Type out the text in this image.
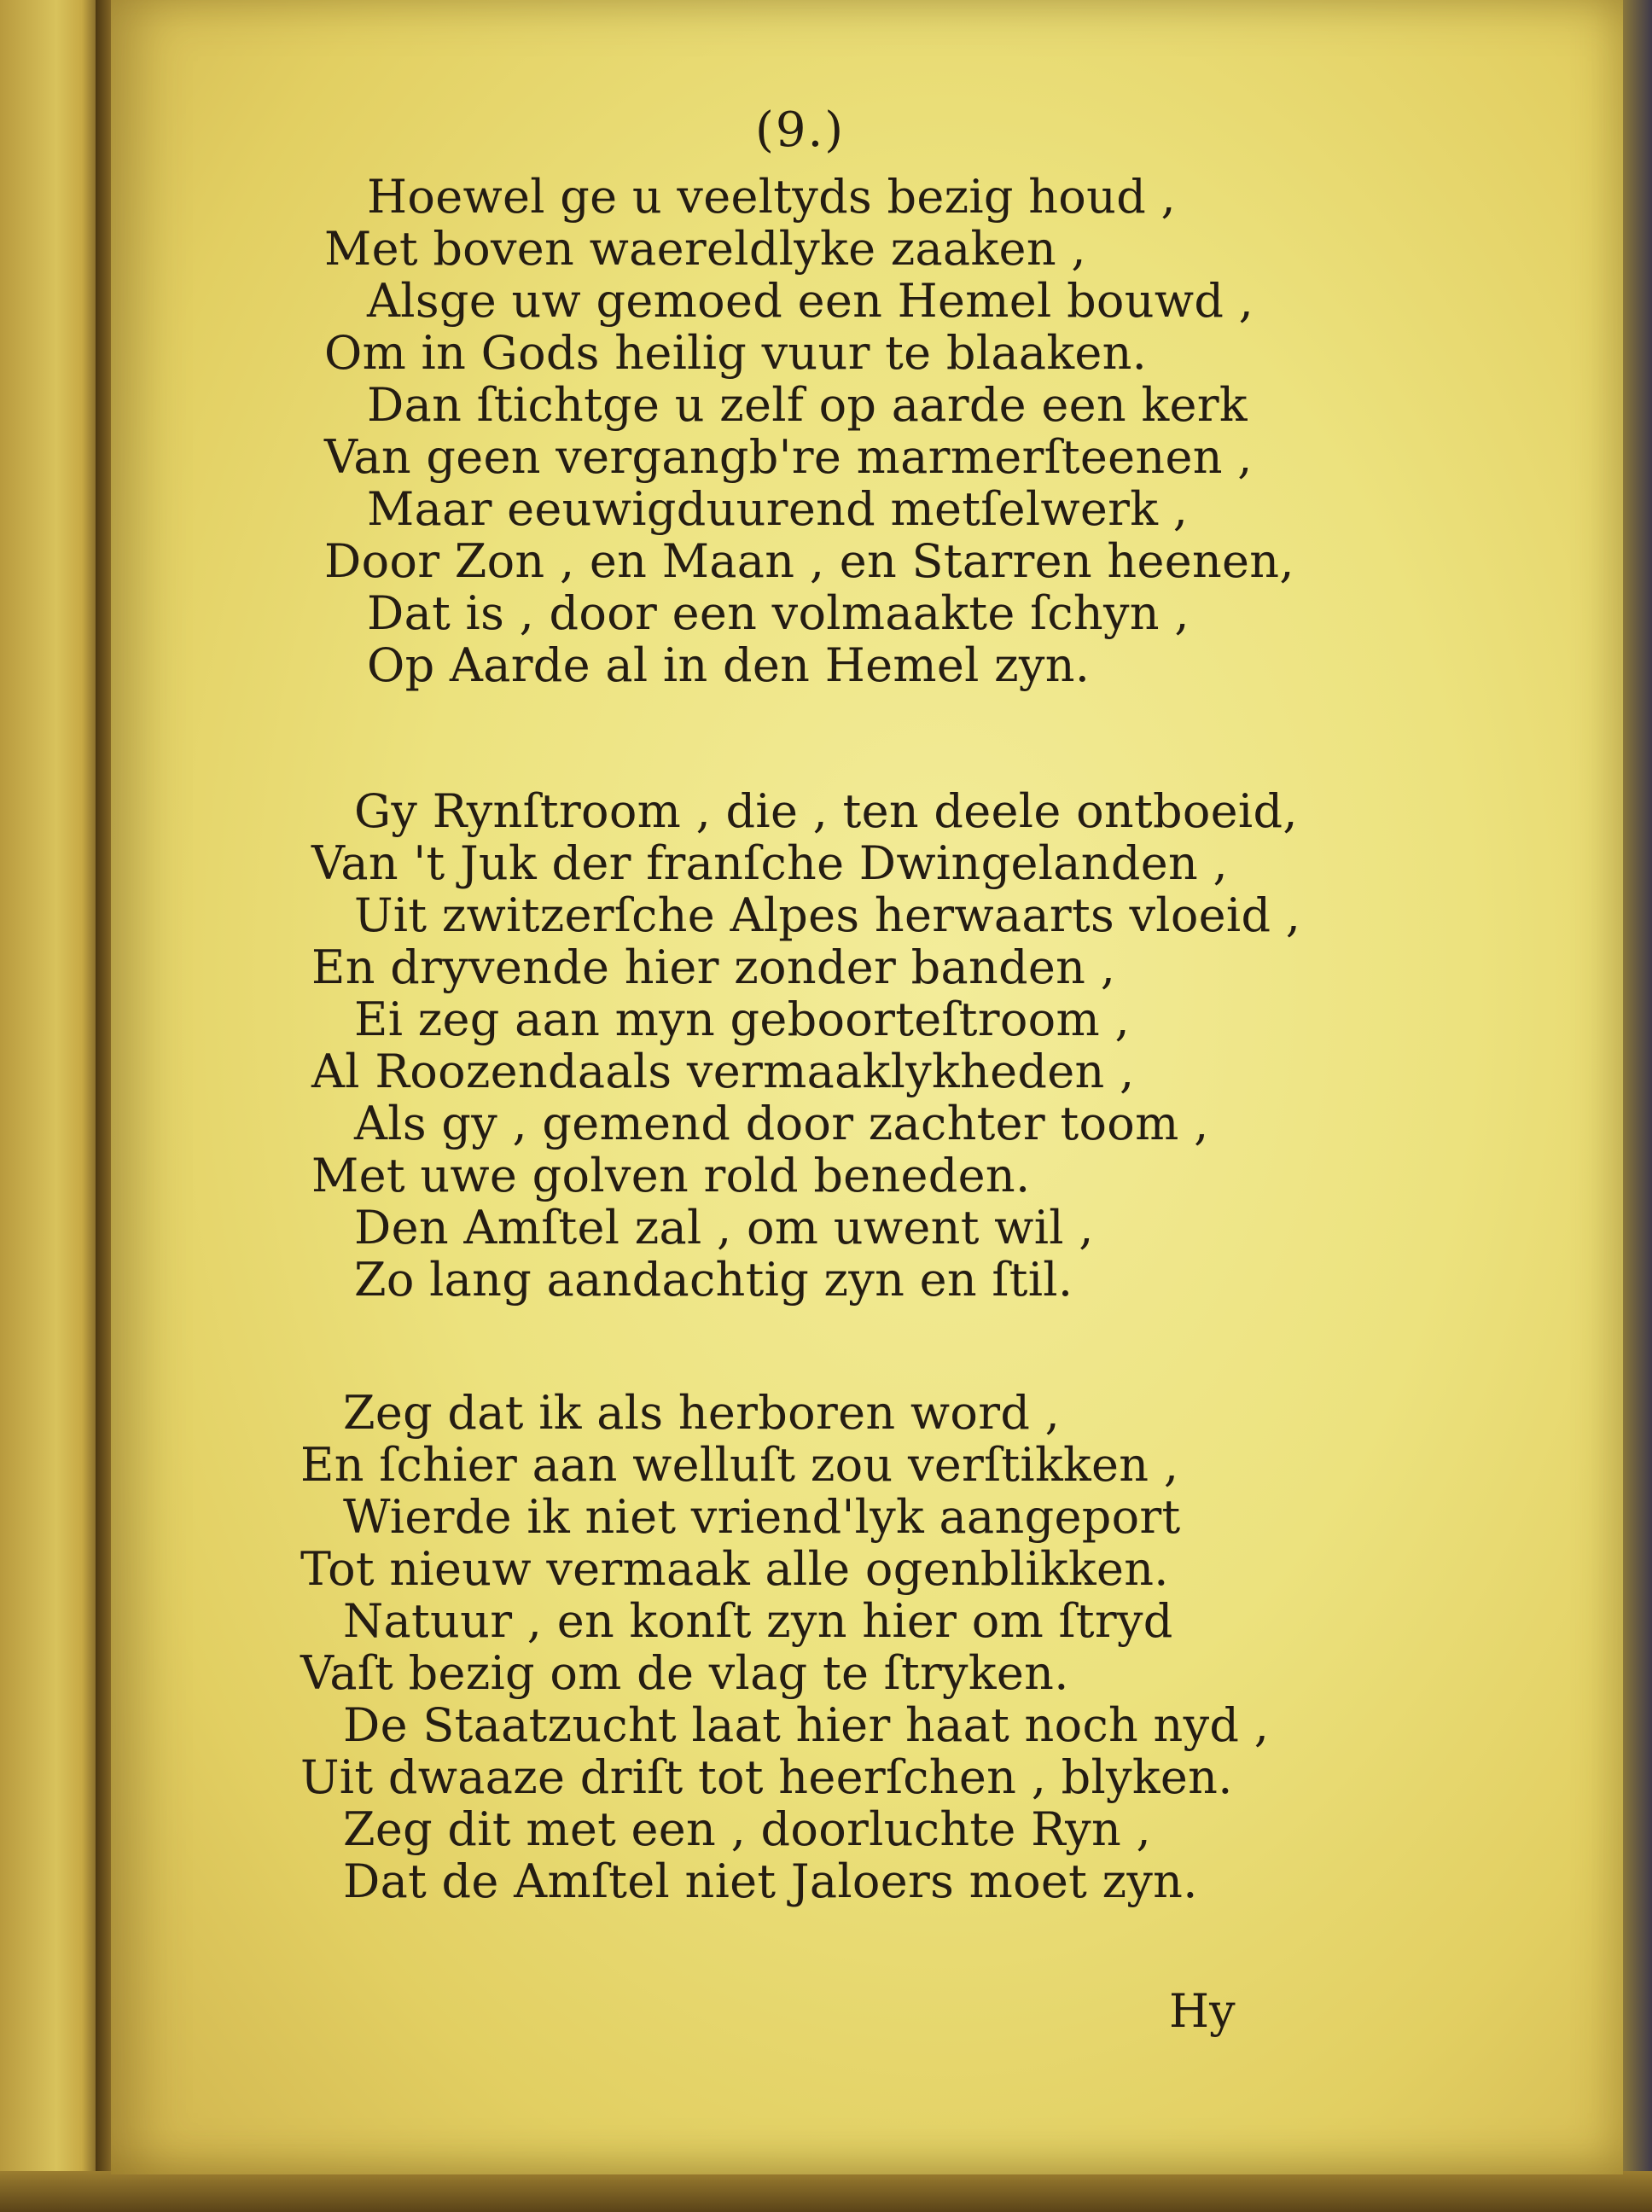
(9.)
Hoewel ge u veeltyds bezig houd ,
Met boven waereldlyke zaaken ,
Alsge uw gemoed een Hemel bouwd ,
Om in Gods heilig vuur te blaaken.
Dan ſtichtge u zelf op aarde een kerk
Van geen vergangb're marmerſteenen ,
Maar eeuwigduurend metſelwerk ,
Door Zon , en Maan , en Starren heenen,
Dat is , door een volmaakte ſchyn ,
Op Aarde al in den Hemel zyn.
Gy Rynſtroom , die , ten deele ontboeid,
Van 't Juk der franſche Dwingelanden ,
Uit zwitzerſche Alpes herwaarts vloeid ,
En dryvende hier zonder banden ,
Ei zeg aan myn geboorteſtroom ,
Al Roozendaals vermaaklykheden ,
Als gy , gemend door zachter toom ,
Met uwe golven rold beneden.
Den Amſtel zal , om uwent wil ,
Zo lang aandachtig zyn en ſtil.
Zeg dat ik als herboren word ,
En ſchier aan welluſt zou verſtikken ,
Wierde ik niet vriend'lyk aangeport
Tot nieuw vermaak alle ogenblikken.
Natuur , en konſt zyn hier om ſtryd
Vaſt bezig om de vlag te ſtryken.
De Staatzucht laat hier haat noch nyd ,
Uit dwaaze driſt tot heerſchen , blyken.
Zeg dit met een , doorluchte Ryn ,
Dat de Amſtel niet Jaloers moet zyn.
Hy
